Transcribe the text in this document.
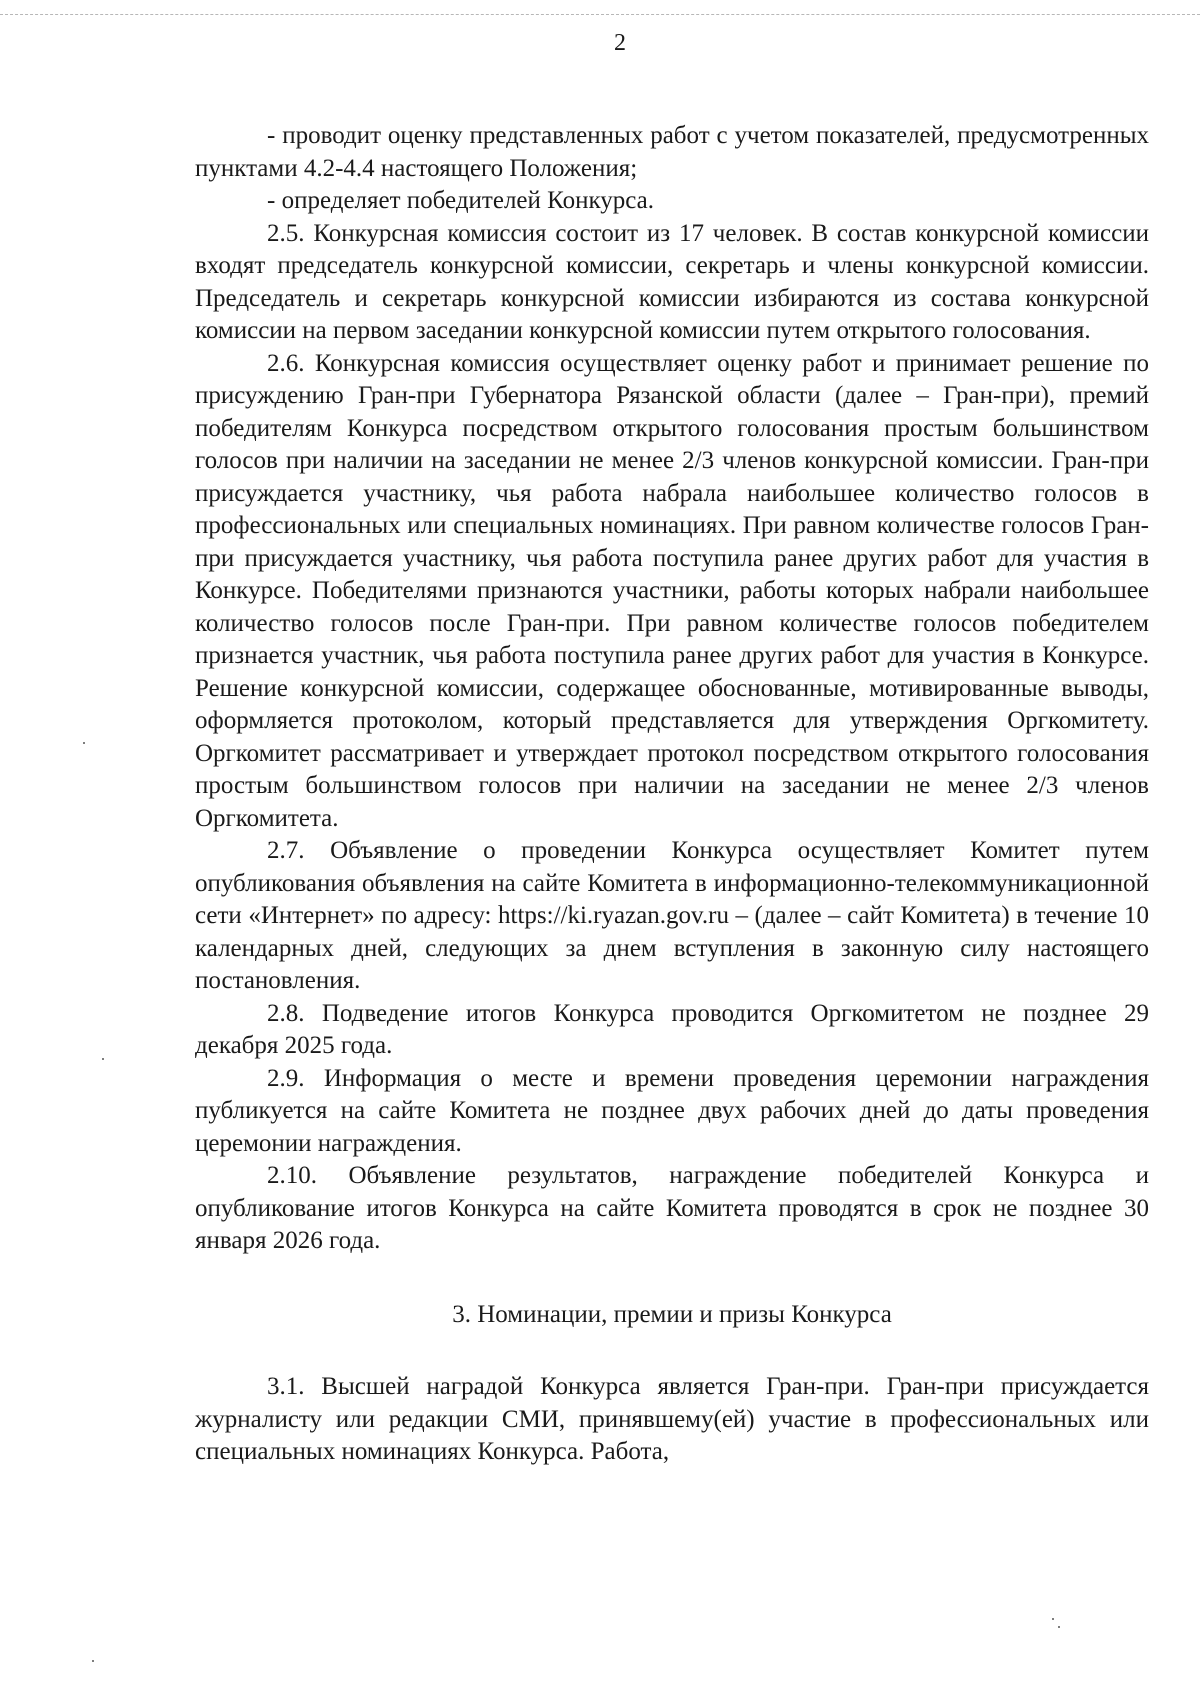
2

- проводит оценку представленных работ с учетом показателей, предусмотренных пунктами 4.2-4.4 настоящего Положения;

- определяет победителей Конкурса.

2.5. Конкурсная комиссия состоит из 17 человек. В состав конкурсной комиссии входят председатель конкурсной комиссии, секретарь и члены конкурсной комиссии. Председатель и секретарь конкурсной комиссии избираются из состава конкурсной комиссии на первом заседании конкурсной комиссии путем открытого голосования.

2.6. Конкурсная комиссия осуществляет оценку работ и принимает решение по присуждению Гран-при Губернатора Рязанской области (далее – Гран-при), премий победителям Конкурса посредством открытого голосования простым большинством голосов при наличии на заседании не менее 2/3 членов конкурсной комиссии. Гран-при присуждается участнику, чья работа набрала наибольшее количество голосов в профессиональных или специальных номинациях. При равном количестве голосов Гран-при присуждается участнику, чья работа поступила ранее других работ для участия в Конкурсе. Победителями признаются участники, работы которых набрали наибольшее количество голосов после Гран-при. При равном количестве голосов победителем признается участник, чья работа поступила ранее других работ для участия в Конкурсе. Решение конкурсной комиссии, содержащее обоснованные, мотивированные выводы, оформляется протоколом, который представляется для утверждения Оргкомитету. Оргкомитет рассматривает и утверждает протокол посредством открытого голосования простым большинством голосов при наличии на заседании не менее 2/3 членов Оргкомитета.

2.7. Объявление о проведении Конкурса осуществляет Комитет путем опубликования объявления на сайте Комитета в информационно-телекоммуникационной сети «Интернет» по адресу: https://ki.ryazan.gov.ru – (далее – сайт Комитета) в течение 10 календарных дней, следующих за днем вступления в законную силу настоящего постановления.

2.8. Подведение итогов Конкурса проводится Оргкомитетом не позднее 29 декабря 2025 года.

2.9. Информация о месте и времени проведения церемонии награждения публикуется на сайте Комитета не позднее двух рабочих дней до даты проведения церемонии награждения.

2.10. Объявление результатов, награждение победителей Конкурса и опубликование итогов Конкурса на сайте Комитета проводятся в срок не позднее 30 января 2026 года.

3. Номинации, премии и призы Конкурса

3.1. Высшей наградой Конкурса является Гран-при. Гран-при присуждается журналисту или редакции СМИ, принявшему(ей) участие в профессиональных или специальных номинациях Конкурса. Работа,
